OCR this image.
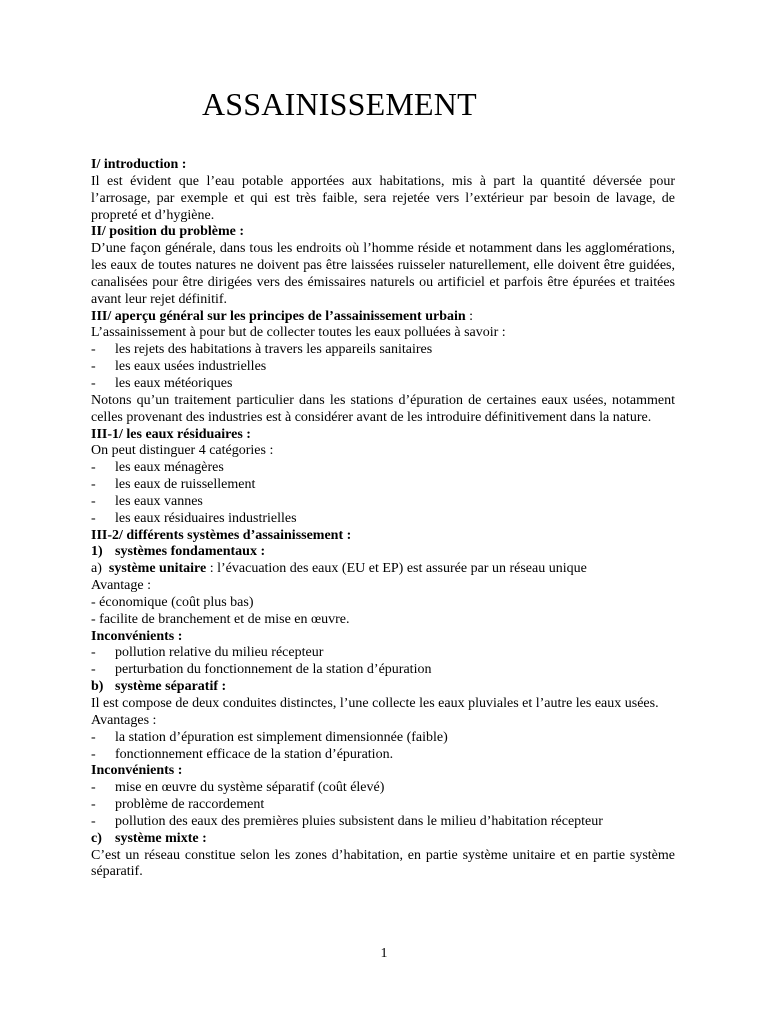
ASSAINISSEMENT

I/ introduction :

Il est évident que l’eau potable apportées aux habitations, mis à part la quantité déversée pour l’arrosage, par exemple et qui est très faible, sera rejetée vers l’extérieur par besoin de lavage, de propreté et d’hygiène.

II/ position du problème :

D’une façon générale, dans tous les endroits où l’homme réside et notamment dans les agglomérations, les eaux de toutes natures ne doivent pas être laissées ruisseler naturellement, elle doivent être guidées, canalisées pour être dirigées vers des émissaires naturels ou artificiel et parfois être épurées et traitées avant leur rejet définitif.

III/ aperçu général sur les principes de l’assainissement urbain :

L’assainissement à pour but de collecter toutes les eaux polluées à savoir :

-	les rejets des habitations à travers les appareils sanitaires
-	les eaux usées industrielles
-	les eaux météoriques

Notons qu’un traitement particulier dans les stations d’épuration de certaines eaux usées, notamment celles provenant des industries est à considérer avant de les introduire définitivement dans la nature.

III-1/ les eaux résiduaires :

On peut distinguer 4 catégories :

-	les eaux ménagères
-	les eaux de ruissellement
-	les eaux vannes
-	les eaux résiduaires industrielles

III-2/ différents systèmes d’assainissement :

1) systèmes fondamentaux :

a) système unitaire : l’évacuation des eaux (EU et EP) est assurée par un réseau unique

Avantage :

- économique (coût plus bas)

- facilite de branchement et de mise en œuvre.

Inconvénients :

-	pollution relative du milieu récepteur
-	perturbation du fonctionnement de la station d’épuration
b) système séparatif :

Il est compose de deux conduites distinctes, l’une collecte les eaux pluviales et l’autre les eaux usées.

Avantages :

-	la station d’épuration est simplement dimensionnée (faible)
-	fonctionnement efficace de la station d’épuration.

Inconvénients :

-	mise en œuvre du système séparatif (coût élevé)
-	problème de raccordement
-	pollution des eaux des premières pluies subsistent dans le milieu d’habitation récepteur
c) système mixte :

C’est un réseau constitue selon les zones d’habitation, en partie système unitaire et en partie système séparatif.

1
